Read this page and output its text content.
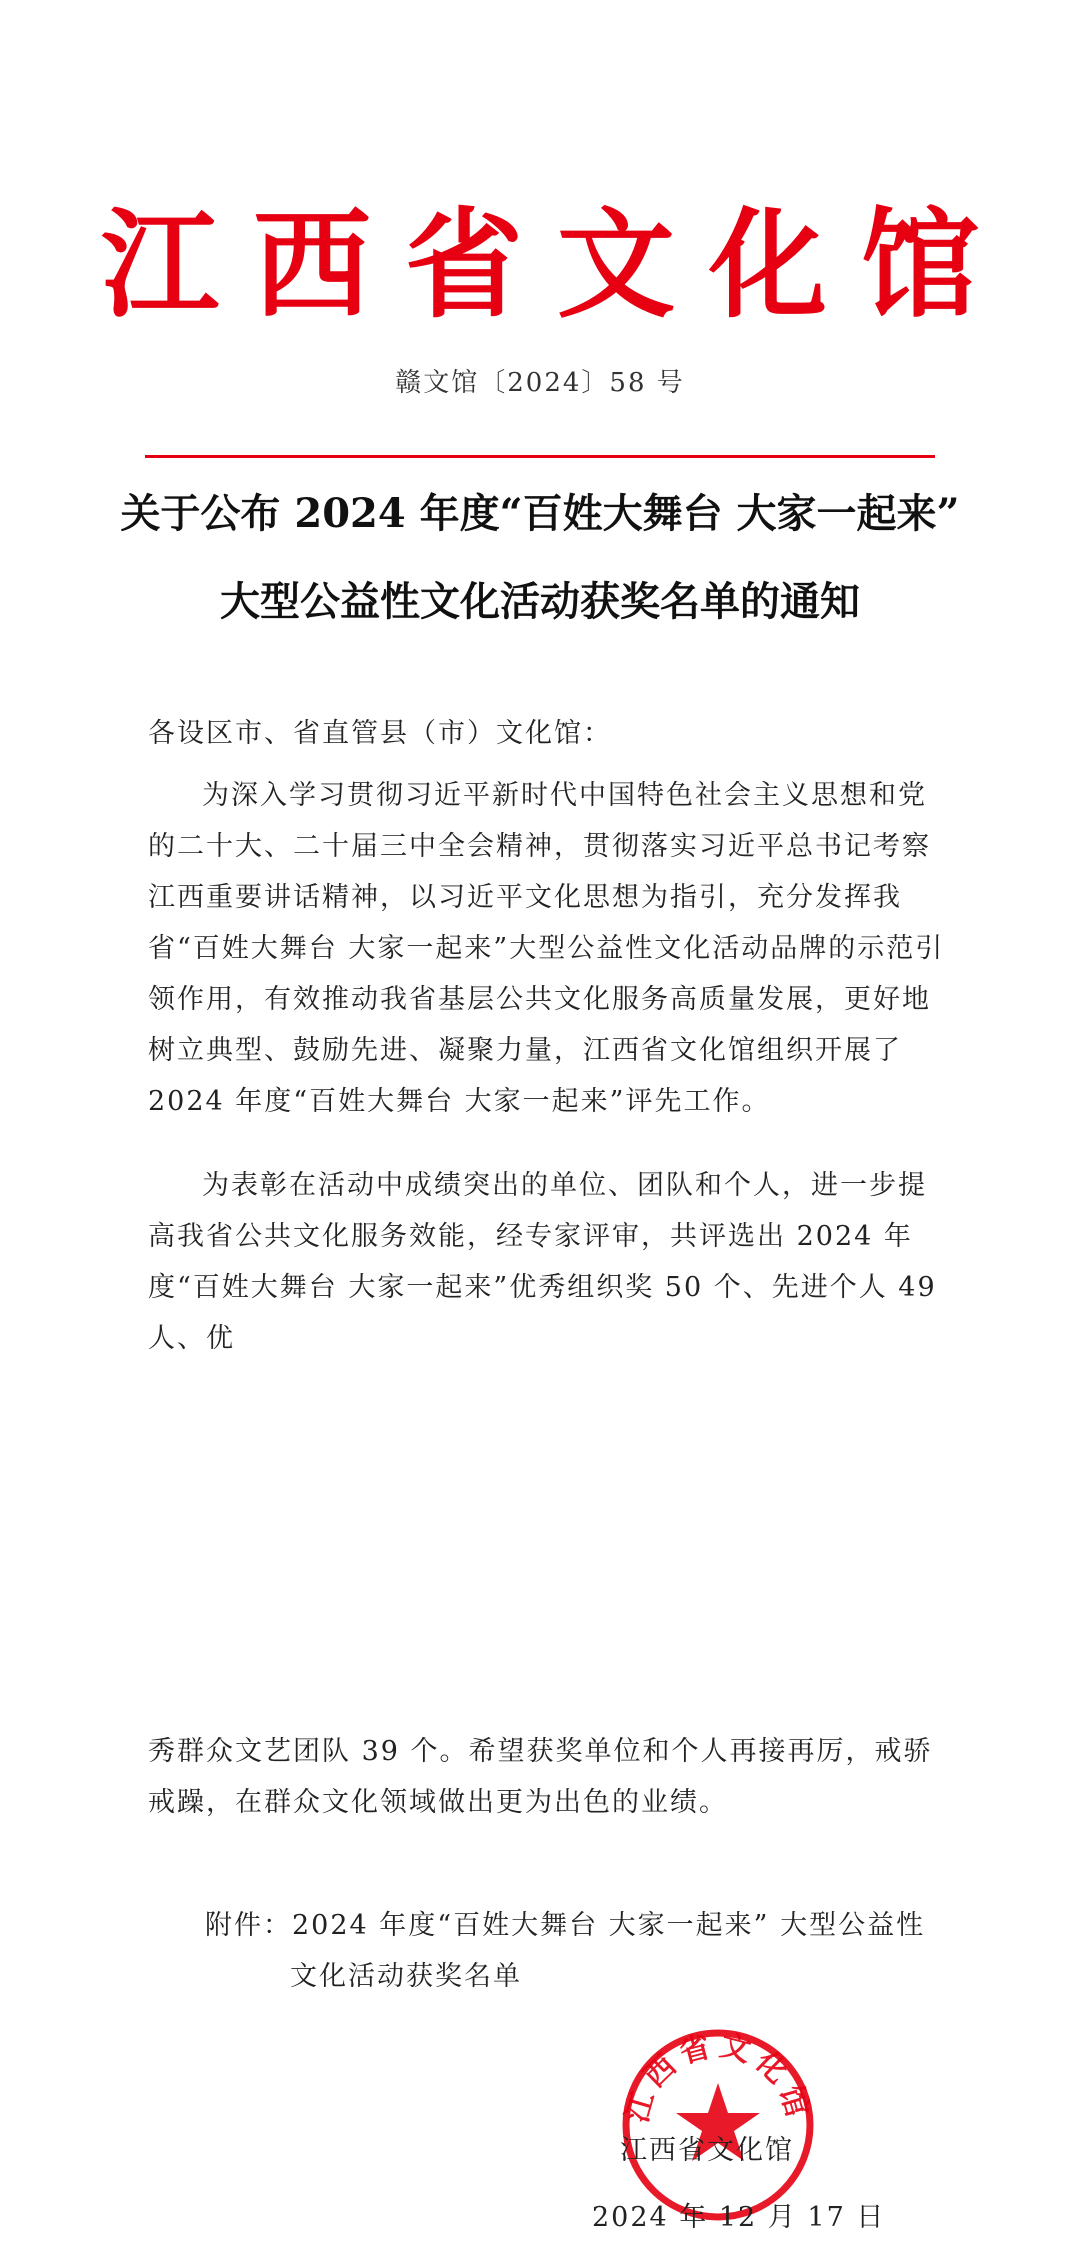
江西省文化馆
赣文馆〔2024〕58 号
关于公布 2024 年度“百姓大舞台 大家一起来”
大型公益性文化活动获奖名单的通知
各设区市、省直管县（市）文化馆：
为深入学习贯彻习近平新时代中国特色社会主义思想和党的二十大、二十届三中全会精神，贯彻落实习近平总书记考察江西重要讲话精神，以习近平文化思想为指引，充分发挥我省“百姓大舞台 大家一起来”大型公益性文化活动品牌的示范引领作用，有效推动我省基层公共文化服务高质量发展，更好地树立典型、鼓励先进、凝聚力量，江西省文化馆组织开展了 2024 年度“百姓大舞台 大家一起来”评先工作。
为表彰在活动中成绩突出的单位、团队和个人，进一步提高我省公共文化服务效能，经专家评审，共评选出 2024 年度“百姓大舞台 大家一起来”优秀组织奖 50 个、先进个人 49 人、优
秀群众文艺团队 39 个。希望获奖单位和个人再接再厉，戒骄戒躁，在群众文化领域做出更为出色的业绩。
附件：2024 年度“百姓大舞台 大家一起来” 大型公益性
文化活动获奖名单
江西省文化馆
江西省文化馆
2024 年 12 月 17 日
